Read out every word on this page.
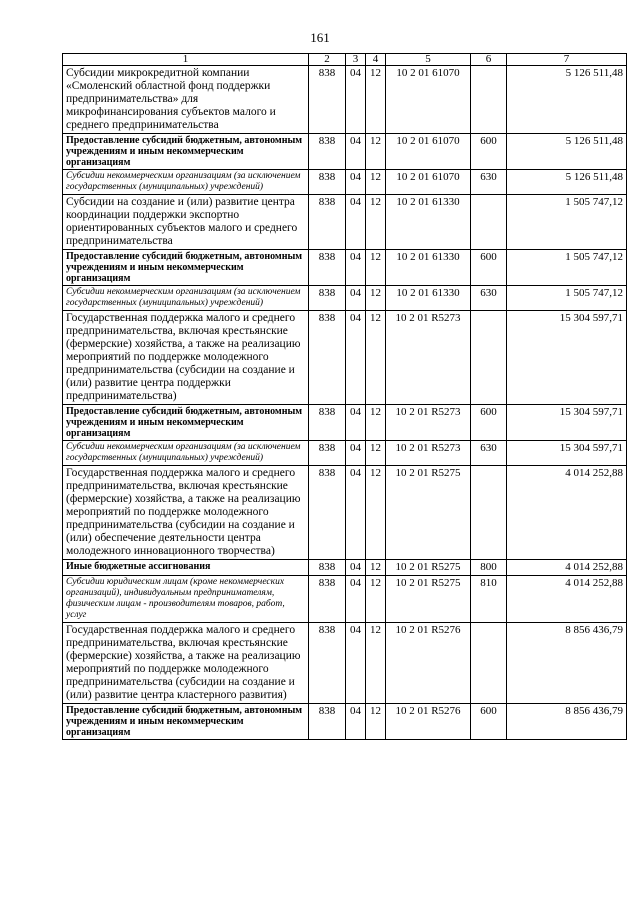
161
1	2	3	4	5	6	7
Субсидии микрокредитной компании «Смоленский областной фонд поддержки предпринимательства» для микрофинансирования субъектов малого и среднего предпринимательства	838	04	12	10 2 01 61070		5 126 511,48
Предоставление субсидий бюджетным, автономным учреждениям и иным некоммерческим организациям	838	04	12	10 2 01 61070	600	5 126 511,48
Субсидии некоммерческим организациям (за исключением государственных (муниципальных) учреждений)	838	04	12	10 2 01 61070	630	5 126 511,48
Субсидии на создание и (или) развитие центра координации поддержки экспортно ориентированных субъектов малого и среднего предпринимательства	838	04	12	10 2 01 61330		1 505 747,12
Предоставление субсидий бюджетным, автономным учреждениям и иным некоммерческим организациям	838	04	12	10 2 01 61330	600	1 505 747,12
Субсидии некоммерческим организациям (за исключением государственных (муниципальных) учреждений)	838	04	12	10 2 01 61330	630	1 505 747,12
Государственная поддержка малого и среднего предпринимательства, включая крестьянские (фермерские) хозяйства, а также на реализацию мероприятий по поддержке молодежного предпринимательства (субсидии на создание и (или) развитие центра поддержки предпринимательства)	838	04	12	10 2 01 R5273		15 304 597,71
Предоставление субсидий бюджетным, автономным учреждениям и иным некоммерческим организациям	838	04	12	10 2 01 R5273	600	15 304 597,71
Субсидии некоммерческим организациям (за исключением государственных (муниципальных) учреждений)	838	04	12	10 2 01 R5273	630	15 304 597,71
Государственная поддержка малого и среднего предпринимательства, включая крестьянские (фермерские) хозяйства, а также на реализацию мероприятий по поддержке молодежного предпринимательства (субсидии на создание и (или) обеспечение деятельности центра молодежного инновационного творчества)	838	04	12	10 2 01 R5275		4 014 252,88
Иные бюджетные ассигнования	838	04	12	10 2 01 R5275	800	4 014 252,88
Субсидии юридическим лицам (кроме некоммерческих организаций), индивидуальным предпринимателям, физическим лицам - производителям товаров, работ, услуг	838	04	12	10 2 01 R5275	810	4 014 252,88
Государственная поддержка малого и среднего предпринимательства, включая крестьянские (фермерские) хозяйства, а также на реализацию мероприятий по поддержке молодежного предпринимательства (субсидии на создание и (или) развитие центра кластерного развития)	838	04	12	10 2 01 R5276		8 856 436,79
Предоставление субсидий бюджетным, автономным учреждениям и иным некоммерческим организациям	838	04	12	10 2 01 R5276	600	8 856 436,79
